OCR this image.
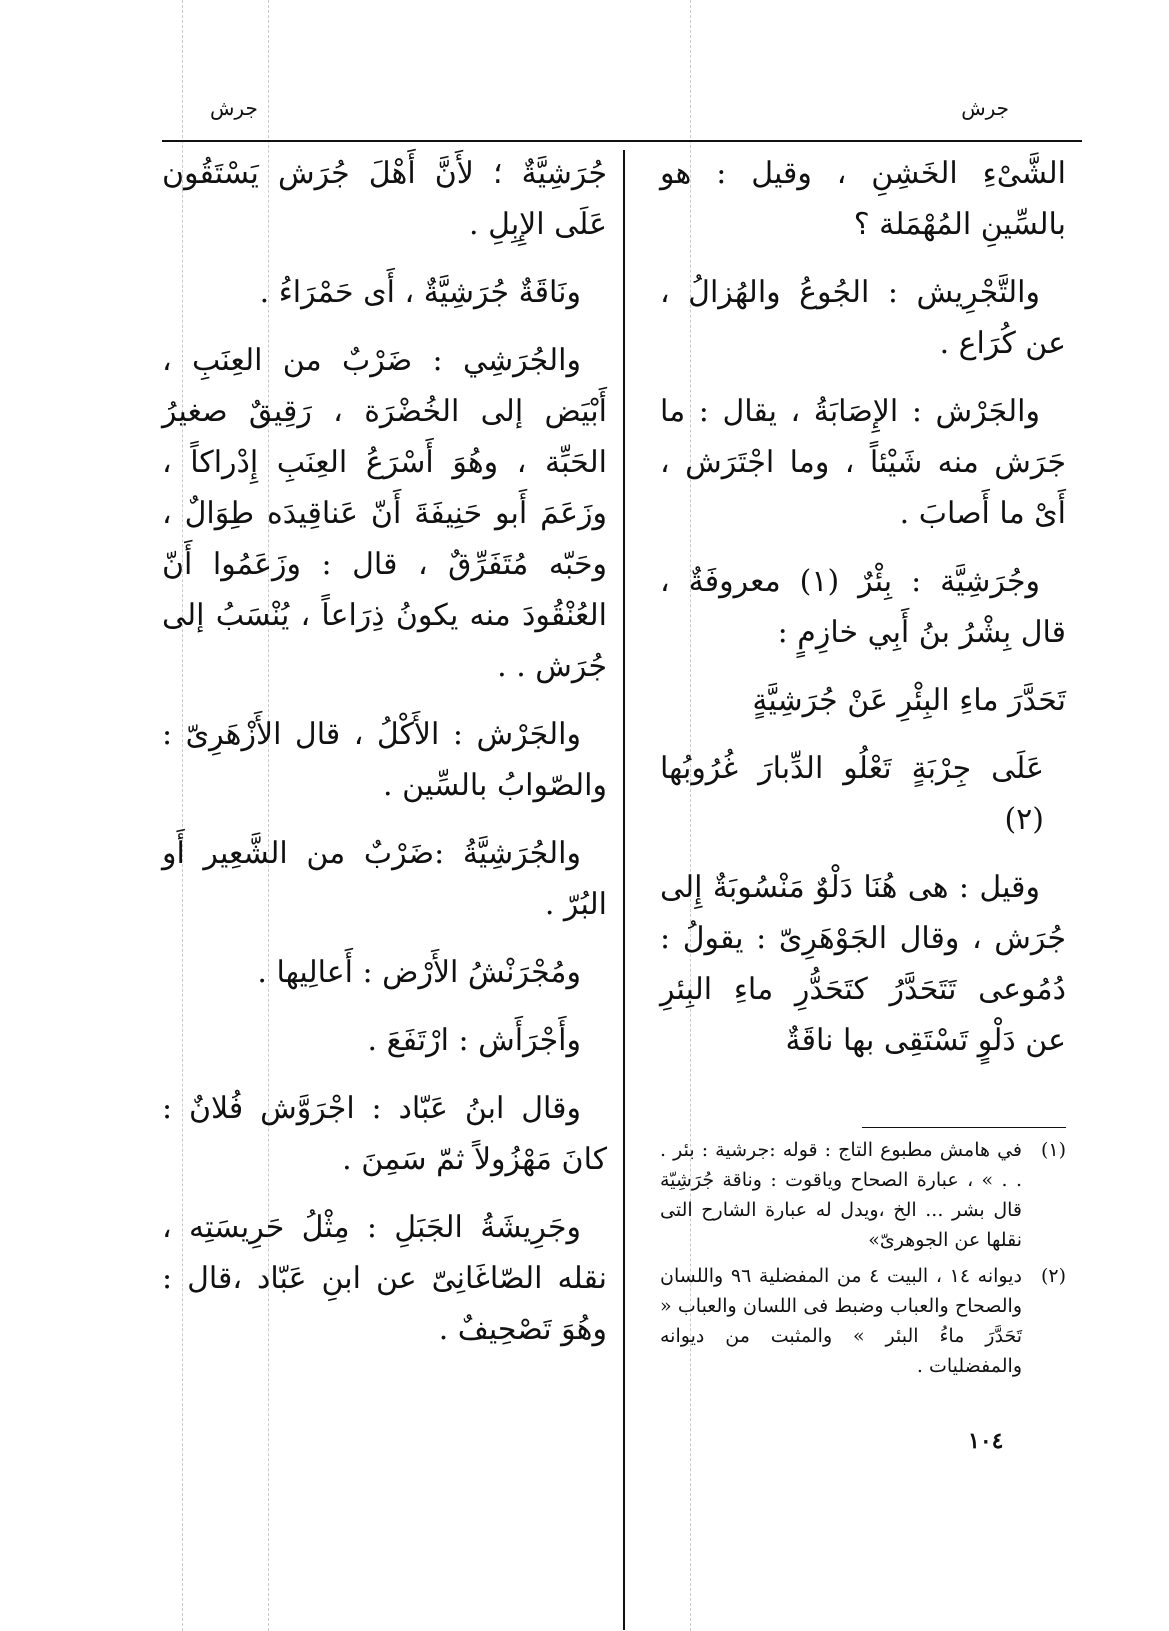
جرش
جرش

الشَّىْءِ الخَشِنِ ، وقيل : هو بالسِّينِ المُهْمَلة ؟

والتَّجْرِيش : الجُوعُ والهُزالُ ، عن كُرَاع .

والجَرْش : الإِصَابَةُ ، يقال : ما جَرَش منه شَيْئاً ، وما اجْتَرَش ، أَىْ ما أَصابَ .

وجُرَشِيَّة : بِئْرٌ (١) معروفَةٌ ، قال بِشْرُ بنُ أَبِي خازِمٍ :

تَحَدَّرَ ماءِ البِئْرِ عَنْ جُرَشِيَّةٍ

عَلَى جِرْبَةٍ تَعْلُو الدِّبارَ غُرُوبُها (٢)

وقيل : هى هُنَا دَلْوٌ مَنْسُوبَةٌ إِلى جُرَش ، وقال الجَوْهَرِىّ : يقولُ : دُمُوعى تَتَحَدَّرُ كتَحَدُّرِ ماءِ البِئرِ عن دَلْوٍ تَسْتَقِى بها ناقَةٌ

جُرَشِيَّةٌ ؛ لأَنَّ أَهْلَ جُرَش يَسْتَقُون عَلَى الإِبِلِ .

ونَاقَةٌ جُرَشِيَّةٌ ، أَى حَمْرَاءُ .

والجُرَشِي : ضَرْبٌ من العِنَبِ ، أَبْيَض إلى الخُضْرَة ، رَقِيقٌ صغيرُ الحَبِّة ، وهُوَ أَسْرَعُ العِنَبِ إِدْراكاً ، وزَعَمَ أَبو حَنِيفَةَ أَنّ عَناقِيدَه طِوَالٌ ، وحَبّه مُتَفَرِّقٌ ، قال : وزَعَمُوا أَنّ العُنْقُودَ منه يكونُ ذِرَاعاً ، يُنْسَبُ إلى جُرَش . .

والجَرْش : الأَكْلُ ، قال الأَزْهَرِىّ : والصّوابُ بالسِّين .

والجُرَشِيَّةُ :ضَرْبٌ من الشَّعِير أَو البُرّ .

ومُجْرَنْشُ الأَرْض : أَعالِيها .

وأَجْرَأَش : ارْتَفَعَ .

وقال ابنُ عَبّاد : اجْرَوَّش فُلانٌ : كانَ مَهْزُولاً ثمّ سَمِنَ .

وجَرِيشَةُ الجَبَلِ : مِثْلُ حَرِيسَتِه ، نقله الصّاغَانِىّ عن ابنِ عَبّاد ،قال : وهُوَ تَصْحِيفٌ .

(١)
في هامش مطبوع التاج : قوله :جرشية : بئر . . . » ، عبارة الصحاح وياقوت : وناقة جُرَشِيّة قال بشر ... الخ ،ويدل له عبارة الشارح التى نقلها عن الجوهرىّ»
(٢)
ديوانه ١٤ ، البيت ٤ من المفضلية ٩٦ واللسان والصحاح والعباب وضبط فى اللسان والعباب « تَحَدَّرَ ماءُ البئر » والمثبت من ديوانه والمفضليات .
١٠٤
